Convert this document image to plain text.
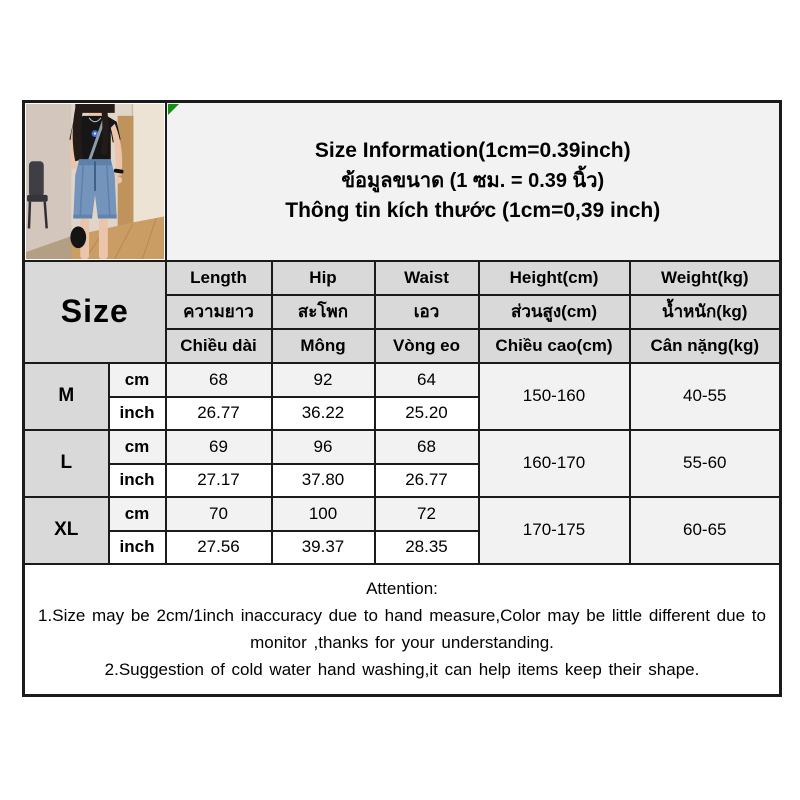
Size Information(1cm=0.39inch)
ข้อมูลขนาด (1 ซม. = 0.39 นิ้ว)
Thông tin kích thước (1cm=0,39 inch)				

Size		Length	Hip	Waist	Height(cm)	Weight(kg)
		ความยาว	สะโพก	เอว	ส่วนสูง(cm)	น้ำหนัก(kg)
		Chiều dài	Mông	Vòng eo	Chiều cao(cm)	Cân nặng(kg)
M	cm	68	92	64	150-160	40-55
	inch	26.77	36.22	25.20		
L	cm	69	96	68	160-170	55-60
	inch	27.17	37.80	26.77		
XL	cm	70	100	72	170-175	60-65
	inch	27.56	39.37	28.35		

Attention:
1.Size may be 2cm/1inch inaccuracy due to hand measure,Color may be little different due to monitor ,thanks for your understanding.
2.Suggestion of cold water hand washing,it can help items keep their shape.						
